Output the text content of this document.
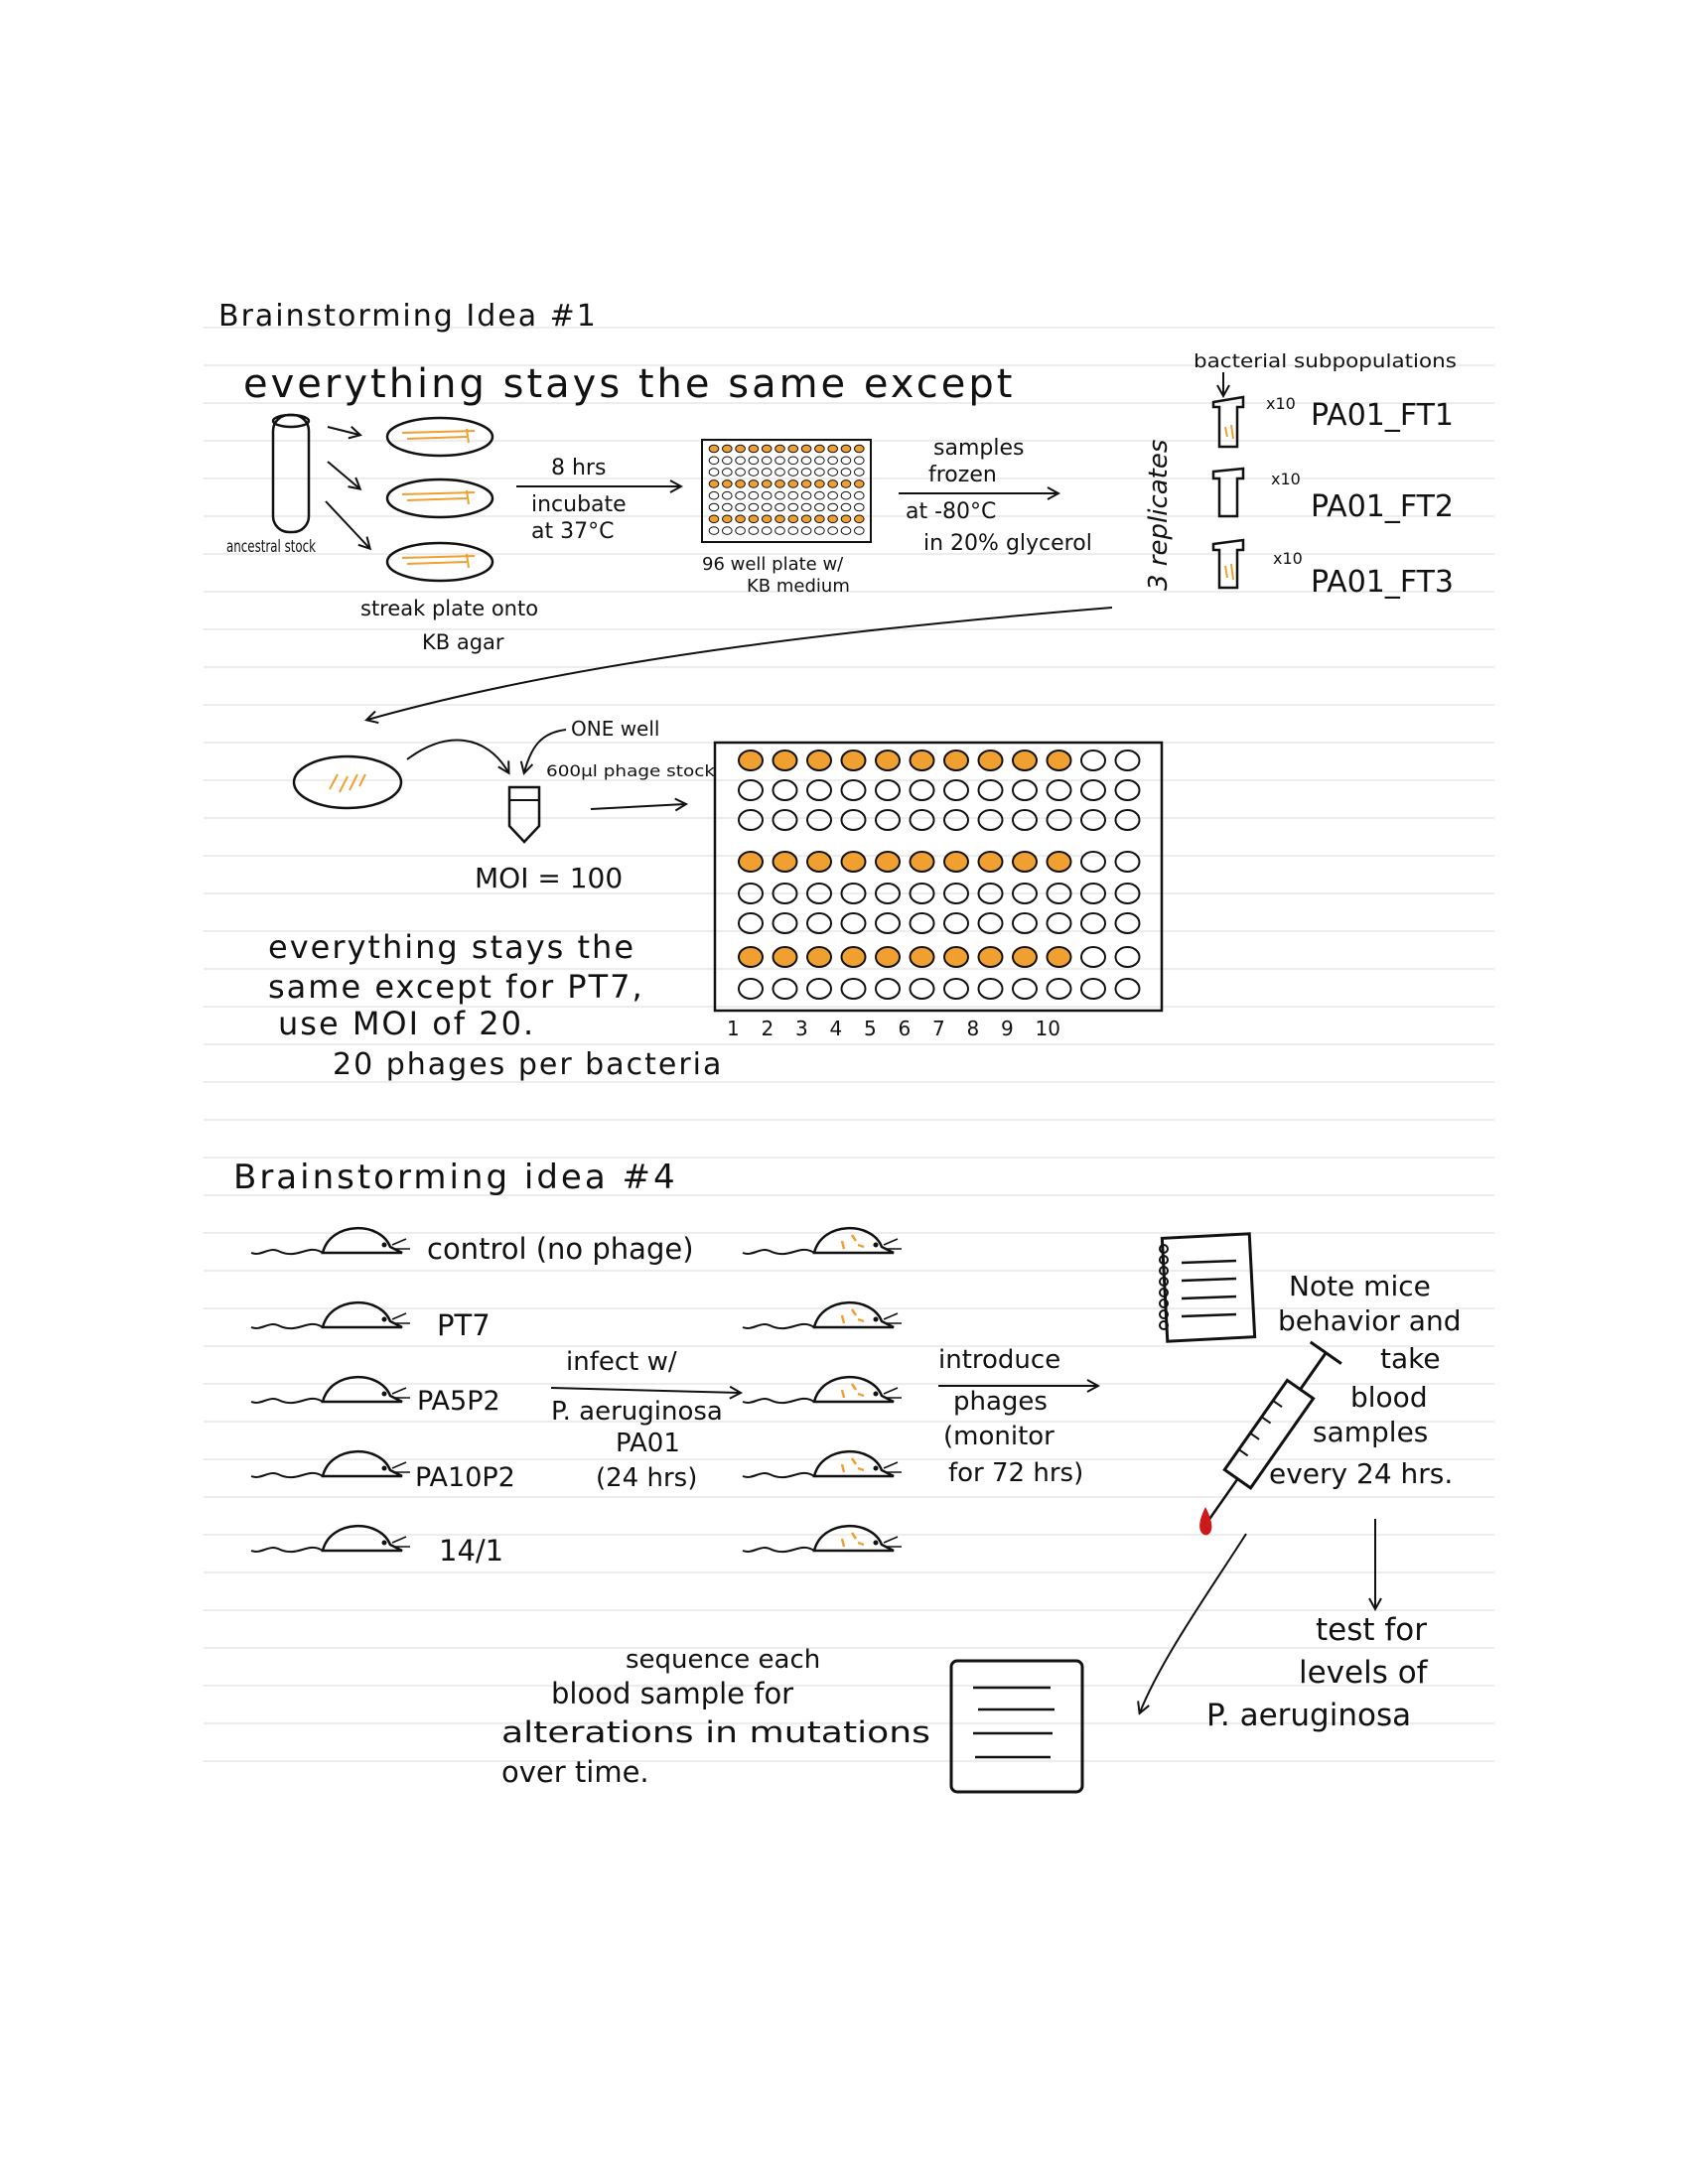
Brainstorming Idea #1
everything stays the same except
ancestral stock
streak plate onto
KB agar
8 hrs
incubate
at 37°C
96 well plate w/
KB medium
samples
frozen
at -80°C
in 20% glycerol 3 replicates
bacterial subpopulations
x10
x10
x10
PA01_FT1
PA01_FT2
PA01_FT3
ONE well
600µl phage stock
MOI = 100
1 2 3 4 5 6 7 8 9 10
everything stays the
same except for PT7,
use MOI of 20.
20 phages per bacteria
Brainstorming idea #4
control (no phage)
PT7
PA5P2
PA10P2
14/1
infect w/
P. aeruginosa
PA01
(24 hrs)
introduce
phages
(monitor
for 72 hrs)
Note mice
behavior and
take
blood
samples
every 24 hrs.
test for
levels of
P. aeruginosa
sequence each
blood sample for
alterations in mutations
over time.
